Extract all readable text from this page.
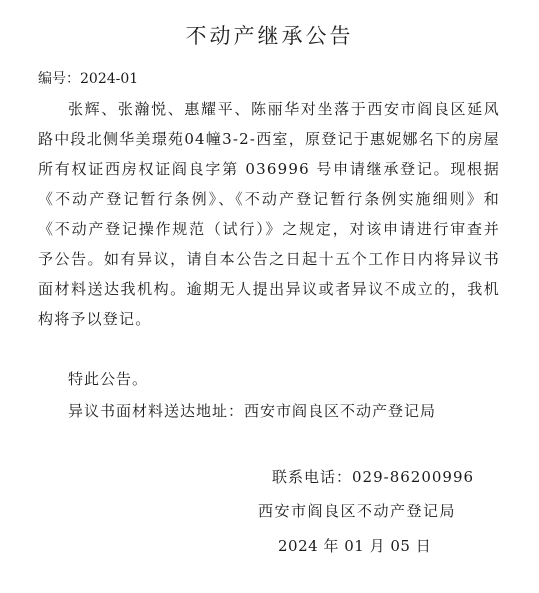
不动产继承公告
编号：2024-01

张辉、张瀚悦、惠耀平、陈丽华对坐落于西安市阎良区延风路中段北侧华美璟苑04幢3-2-西室，原登记于惠妮娜名下的房屋所有权证西房权证阎良字第 036996 号申请继承登记。现根据《不动产登记暂行条例》、《不动产登记暂行条例实施细则》和《不动产登记操作规范（试行）》之规定，对该申请进行审查并予公告。如有异议，请自本公告之日起十五个工作日内将异议书面材料送达我机构。逾期无人提出异议或者异议不成立的，我机构将予以登记。

特此公告。
异议书面材料送达地址：西安市阎良区不动产登记局
联系电话：029-86200996
西安市阎良区不动产登记局
2024 年 01 月 05 日
